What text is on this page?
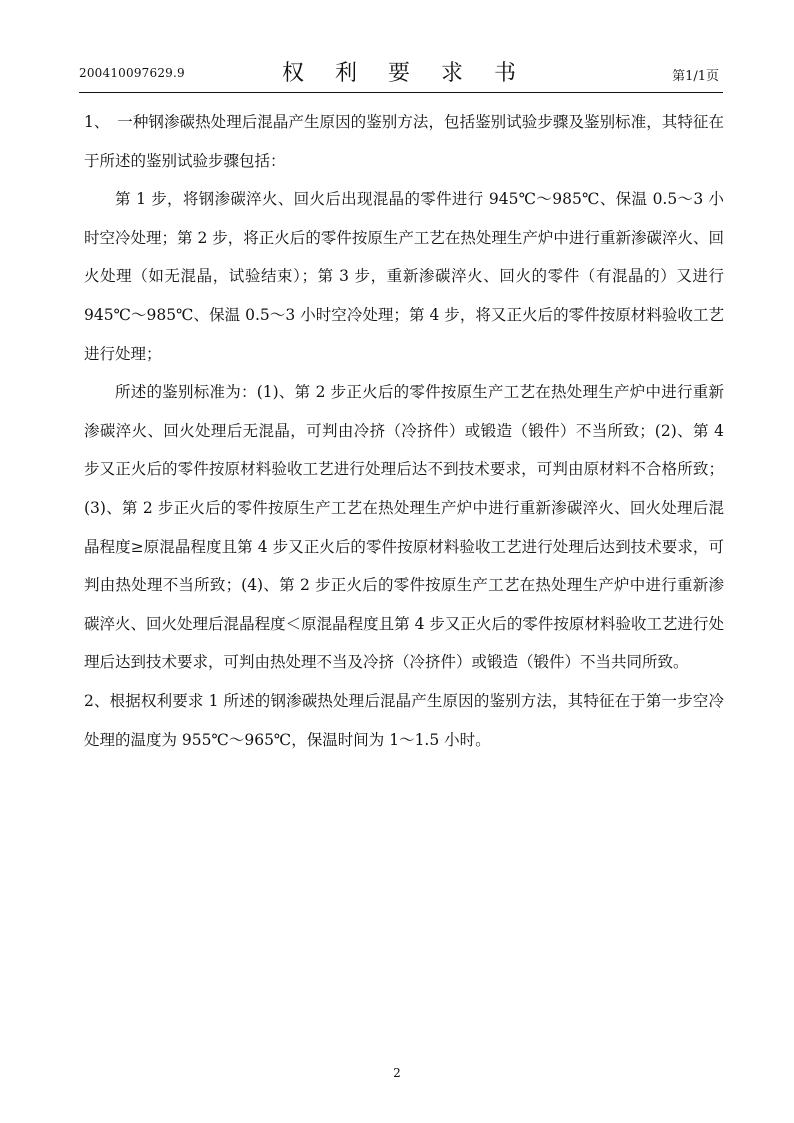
200410097629.9	权 利 要 求 书	第1/1页

1、　一种钢渗碳热处理后混晶产生原因的鉴别方法，包括鉴别试验步骤及鉴别标准，其特征在于所述的鉴别试验步骤包括：

第 1 步，将钢渗碳淬火、回火后出现混晶的零件进行 945℃～985℃、保温 0.5～3 小时空冷处理；第 2 步，将正火后的零件按原生产工艺在热处理生产炉中进行重新渗碳淬火、回火处理（如无混晶，试验结束）；第 3 步，重新渗碳淬火、回火的零件（有混晶的）又进行 945℃～985℃、保温 0.5～3 小时空冷处理；第 4 步，将又正火后的零件按原材料验收工艺进行处理；

所述的鉴别标准为：(1)、第 2 步正火后的零件按原生产工艺在热处理生产炉中进行重新渗碳淬火、回火处理后无混晶，可判由冷挤（冷挤件）或锻造（锻件）不当所致；(2)、第 4 步又正火后的零件按原材料验收工艺进行处理后达不到技术要求，可判由原材料不合格所致；(3)、第 2 步正火后的零件按原生产工艺在热处理生产炉中进行重新渗碳淬火、回火处理后混晶程度≥原混晶程度且第 4 步又正火后的零件按原材料验收工艺进行处理后达到技术要求，可判由热处理不当所致；(4)、第 2 步正火后的零件按原生产工艺在热处理生产炉中进行重新渗碳淬火、回火处理后混晶程度＜原混晶程度且第 4 步又正火后的零件按原材料验收工艺进行处理后达到技术要求，可判由热处理不当及冷挤（冷挤件）或锻造（锻件）不当共同所致。

2、根据权利要求 1 所述的钢渗碳热处理后混晶产生原因的鉴别方法，其特征在于第一步空冷处理的温度为 955℃～965℃，保温时间为 1～1.5 小时。

2
